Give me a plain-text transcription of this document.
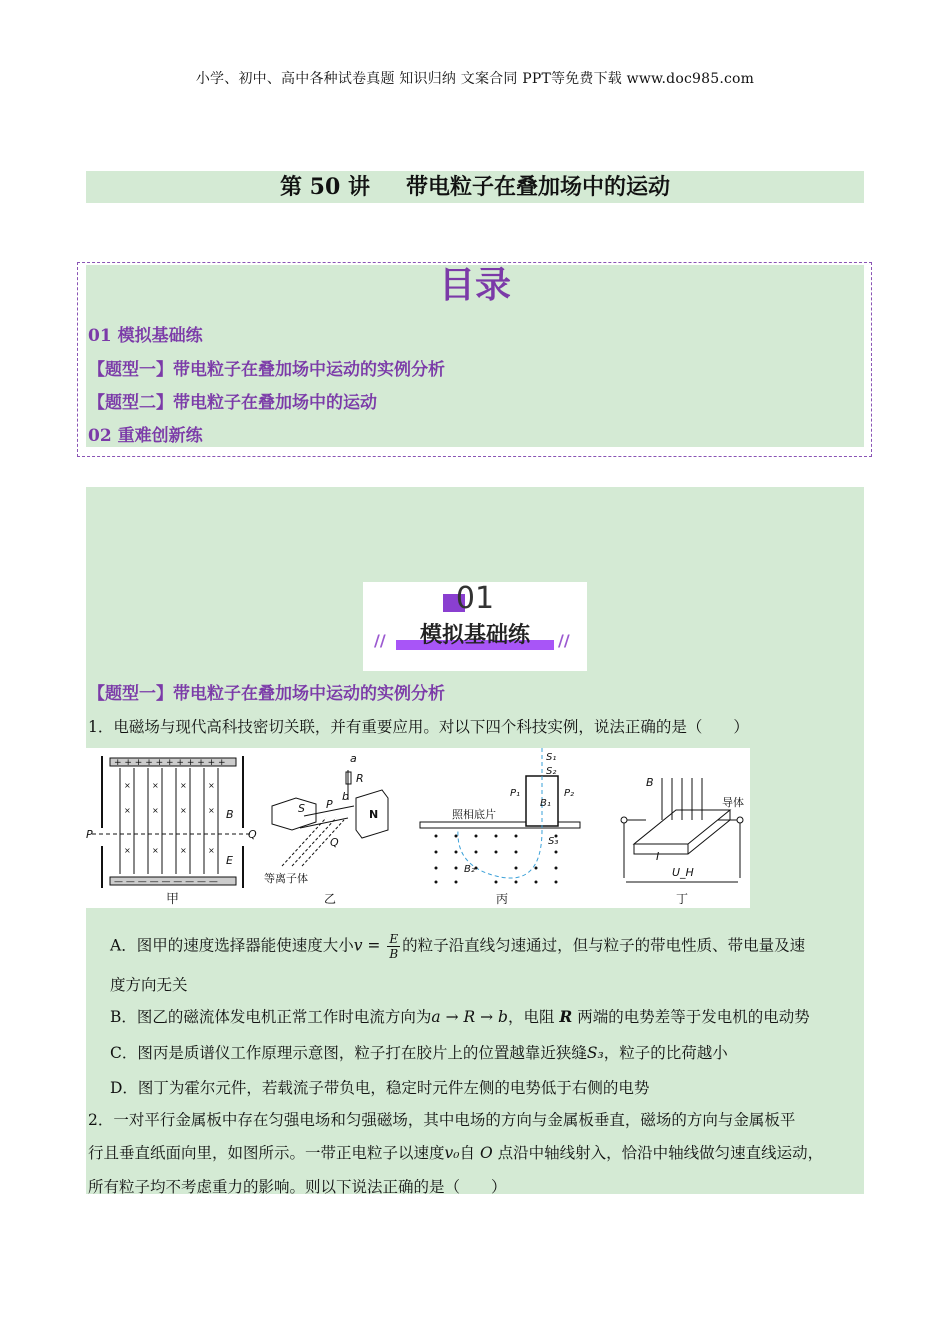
小学、初中、高中各种试卷真题 知识归纳 文案合同 PPT等免费下载 www.doc985.com
第 50 讲 带电粒子在叠加场中的运动
目录
01 模拟基础练
【题型一】带电粒子在叠加场中运动的实例分析
【题型二】带电粒子在叠加场中的运动
02 重难创新练
01
模拟基础练
//	//
【题型一】带电粒子在叠加场中运动的实例分析
1．电磁场与现代高科技密切关联，并有重要应用。对以下四个科技实例，说法正确的是（　　）
+ + + + + + + + + + +
— — — — — — — — —
×	×	×	×
×	×	×	×
×	×	×	×
P	Q
B
E
甲
a
R
b
S P
Q
N
等离子体
乙
S₁
S₂
P₁	P₂
B₁
S₃
B₂
照相底片
丙
B
导体
I
U_H
丁
A．图甲的速度选择器能使速度大小$v = \frac{E}{B}$ 的粒子沿直线匀速通过，但与粒子的带电性质、带电量及速
度方向无关
B．图乙的磁流体发电机正常工作时电流方向为a → R → b，电阻 R 两端的电势差等于发电机的电动势
C．图丙是质谱仪工作原理示意图，粒子打在胶片上的位置越靠近狭缝S₃，粒子的比荷越小
D．图丁为霍尔元件，若载流子带负电，稳定时元件左侧的电势低于右侧的电势
2．一对平行金属板中存在匀强电场和匀强磁场，其中电场的方向与金属板垂直，磁场的方向与金属板平
行且垂直纸面向里，如图所示。一带正电粒子以速度v₀自 O 点沿中轴线射入，恰沿中轴线做匀速直线运动，
所有粒子均不考虑重力的影响。则以下说法正确的是（　　）
